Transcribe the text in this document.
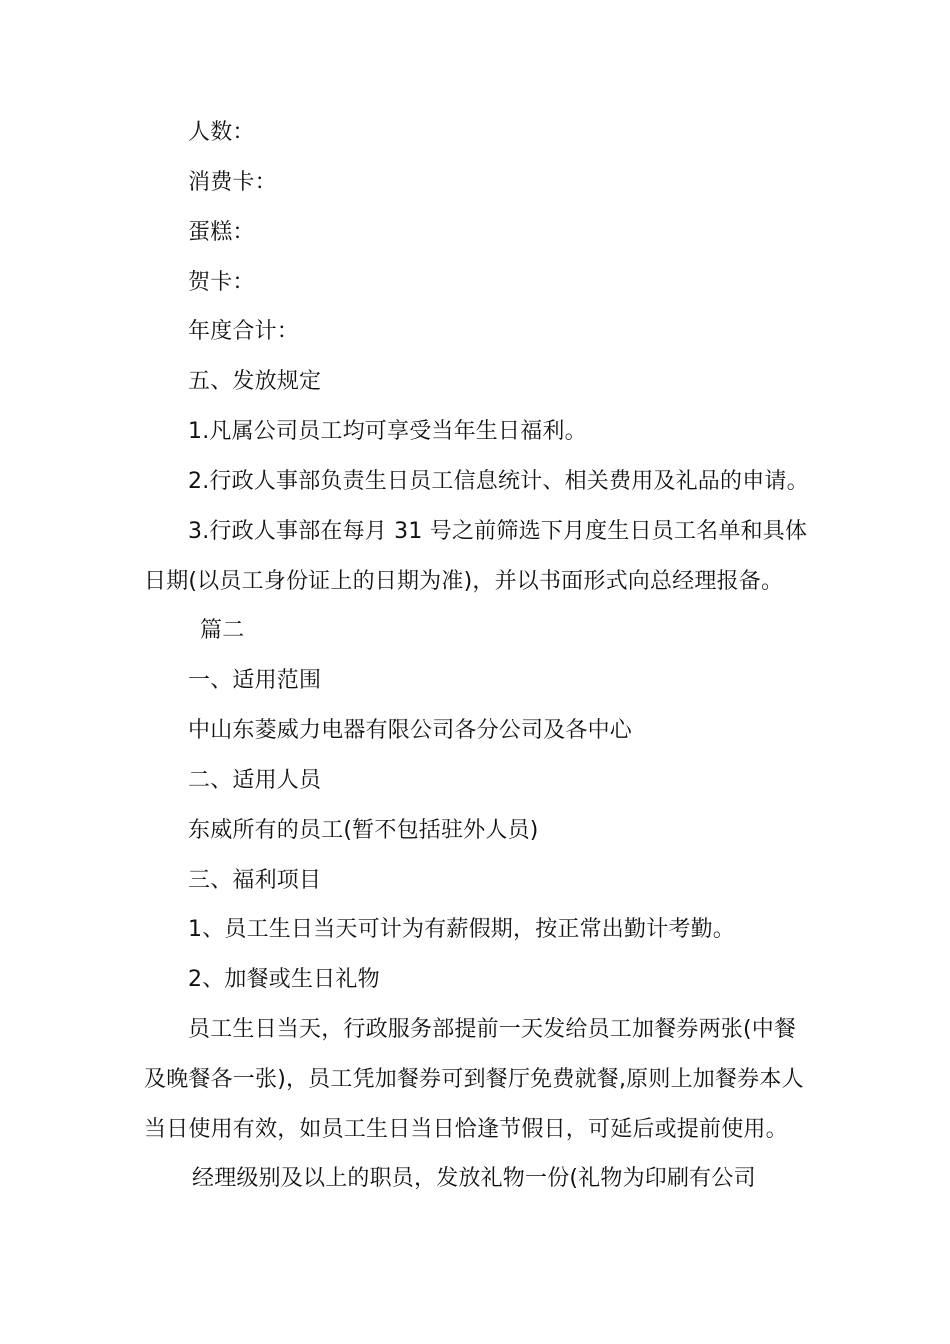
人数：
消费卡：
蛋糕：
贺卡：
年度合计：
五、发放规定
1.凡属公司员工均可享受当年生日福利。
2.行政人事部负责生日员工信息统计、相关费用及礼品的申请。
3.行政人事部在每月 31 号之前筛选下月度生日员工名单和具体
日期(以员工身份证上的日期为准)，并以书面形式向总经理报备。
篇二
一、适用范围
中山东菱威力电器有限公司各分公司及各中心
二、适用人员
东威所有的员工(暂不包括驻外人员)
三、福利项目
1、员工生日当天可计为有薪假期，按正常出勤计考勤。
2、加餐或生日礼物
员工生日当天，行政服务部提前一天发给员工加餐券两张(中餐
及晚餐各一张)，员工凭加餐券可到餐厅免费就餐,原则上加餐券本人
当日使用有效，如员工生日当日恰逢节假日，可延后或提前使用。
经理级别及以上的职员，发放礼物一份(礼物为印刷有公司
